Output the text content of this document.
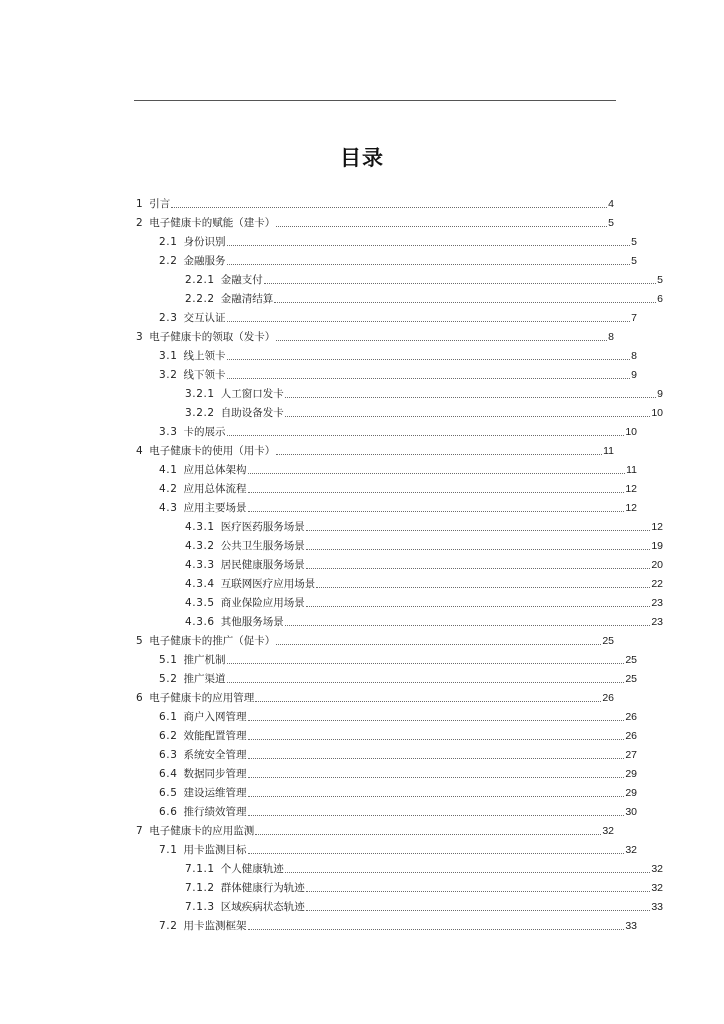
目录
1 引言	4
2 电子健康卡的赋能（建卡）	5
2.1 身份识别	5
2.2 金融服务	5
2.2.1 金融支付	5
2.2.2 金融清结算	6
2.3 交互认证	7
3 电子健康卡的领取（发卡）	8
3.1 线上领卡	8
3.2 线下领卡	9
3.2.1 人工窗口发卡	9
3.2.2 自助设备发卡	10
3.3 卡的展示	10
4 电子健康卡的使用（用卡）	11
4.1 应用总体架构	11
4.2 应用总体流程	12
4.3 应用主要场景	12
4.3.1 医疗医药服务场景	12
4.3.2 公共卫生服务场景	19
4.3.3 居民健康服务场景	20
4.3.4 互联网医疗应用场景	22
4.3.5 商业保险应用场景	23
4.3.6 其他服务场景	23
5 电子健康卡的推广（促卡）	25
5.1 推广机制	25
5.2 推广渠道	25
6 电子健康卡的应用管理	26
6.1 商户入网管理	26
6.2 效能配置管理	26
6.3 系统安全管理	27
6.4 数据同步管理	29
6.5 建设运维管理	29
6.6 推行绩效管理	30
7 电子健康卡的应用监测	32
7.1 用卡监测目标	32
7.1.1 个人健康轨迹	32
7.1.2 群体健康行为轨迹	32
7.1.3 区域疾病状态轨迹	33
7.2 用卡监测框架	33
